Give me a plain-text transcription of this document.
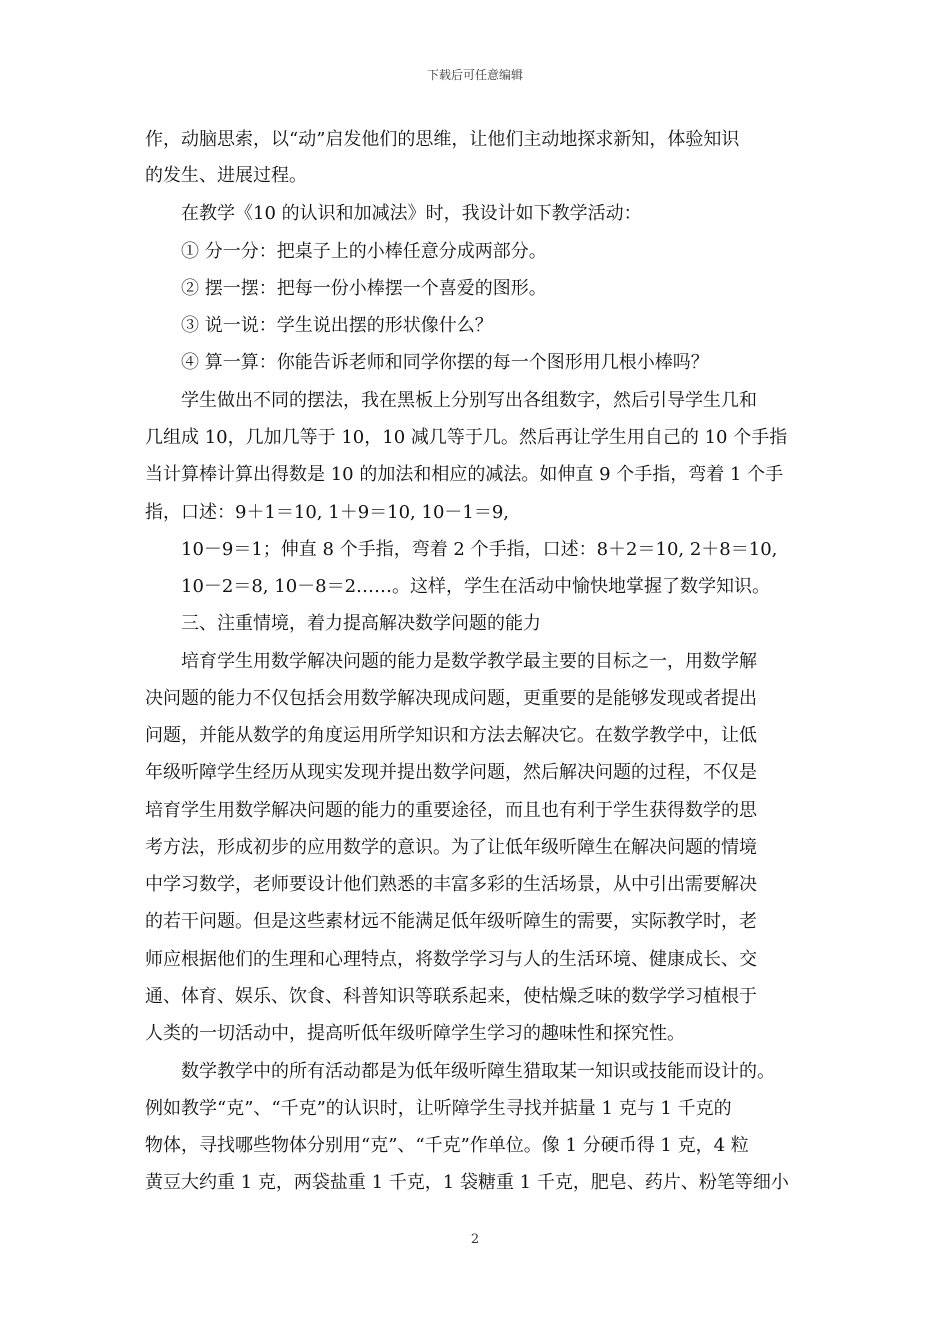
下载后可任意编辑
作，动脑思索，以“动”启发他们的思维，让他们主动地探求新知，体验知识
的发生、进展过程。
在教学《10 的认识和加减法》时，我设计如下教学活动：
① 分一分：把桌子上的小棒任意分成两部分。
② 摆一摆：把每一份小棒摆一个喜爱的图形。
③ 说一说：学生说出摆的形状像什么？
④ 算一算：你能告诉老师和同学你摆的每一个图形用几根小棒吗？
学生做出不同的摆法，我在黑板上分别写出各组数字，然后引导学生几和
几组成 10，几加几等于 10，10 减几等于几。然后再让学生用自己的 10 个手指
当计算棒计算出得数是 10 的加法和相应的减法。如伸直 9 个手指，弯着 1 个手
指，口述：9＋1＝10, 1＋9＝10, 10－1＝9,
10－9＝1；伸直 8 个手指，弯着 2 个手指，口述：8＋2＝10, 2＋8＝10,
10－2＝8, 10－8＝2……。这样，学生在活动中愉快地掌握了数学知识。
三、注重情境，着力提高解决数学问题的能力
培育学生用数学解决问题的能力是数学教学最主要的目标之一，用数学解
决问题的能力不仅包括会用数学解决现成问题，更重要的是能够发现或者提出
问题，并能从数学的角度运用所学知识和方法去解决它。在数学教学中，让低
年级听障学生经历从现实发现并提出数学问题，然后解决问题的过程，不仅是
培育学生用数学解决问题的能力的重要途径，而且也有利于学生获得数学的思
考方法，形成初步的应用数学的意识。为了让低年级听障生在解决问题的情境
中学习数学，老师要设计他们熟悉的丰富多彩的生活场景，从中引出需要解决
的若干问题。但是这些素材远不能满足低年级听障生的需要，实际教学时，老
师应根据他们的生理和心理特点，将数学学习与人的生活环境、健康成长、交
通、体育、娱乐、饮食、科普知识等联系起来，使枯燥乏味的数学学习植根于
人类的一切活动中，提高听低年级听障学生学习的趣味性和探究性。
数学教学中的所有活动都是为低年级听障生猎取某一知识或技能而设计的。
例如教学“克”、“千克”的认识时，让听障学生寻找并掂量 1 克与 1 千克的
物体，寻找哪些物体分别用“克”、“千克”作单位。像 1 分硬币得 1 克，4 粒
黄豆大约重 1 克，两袋盐重 1 千克，1 袋糖重 1 千克，肥皂、药片、粉笔等细小
2
